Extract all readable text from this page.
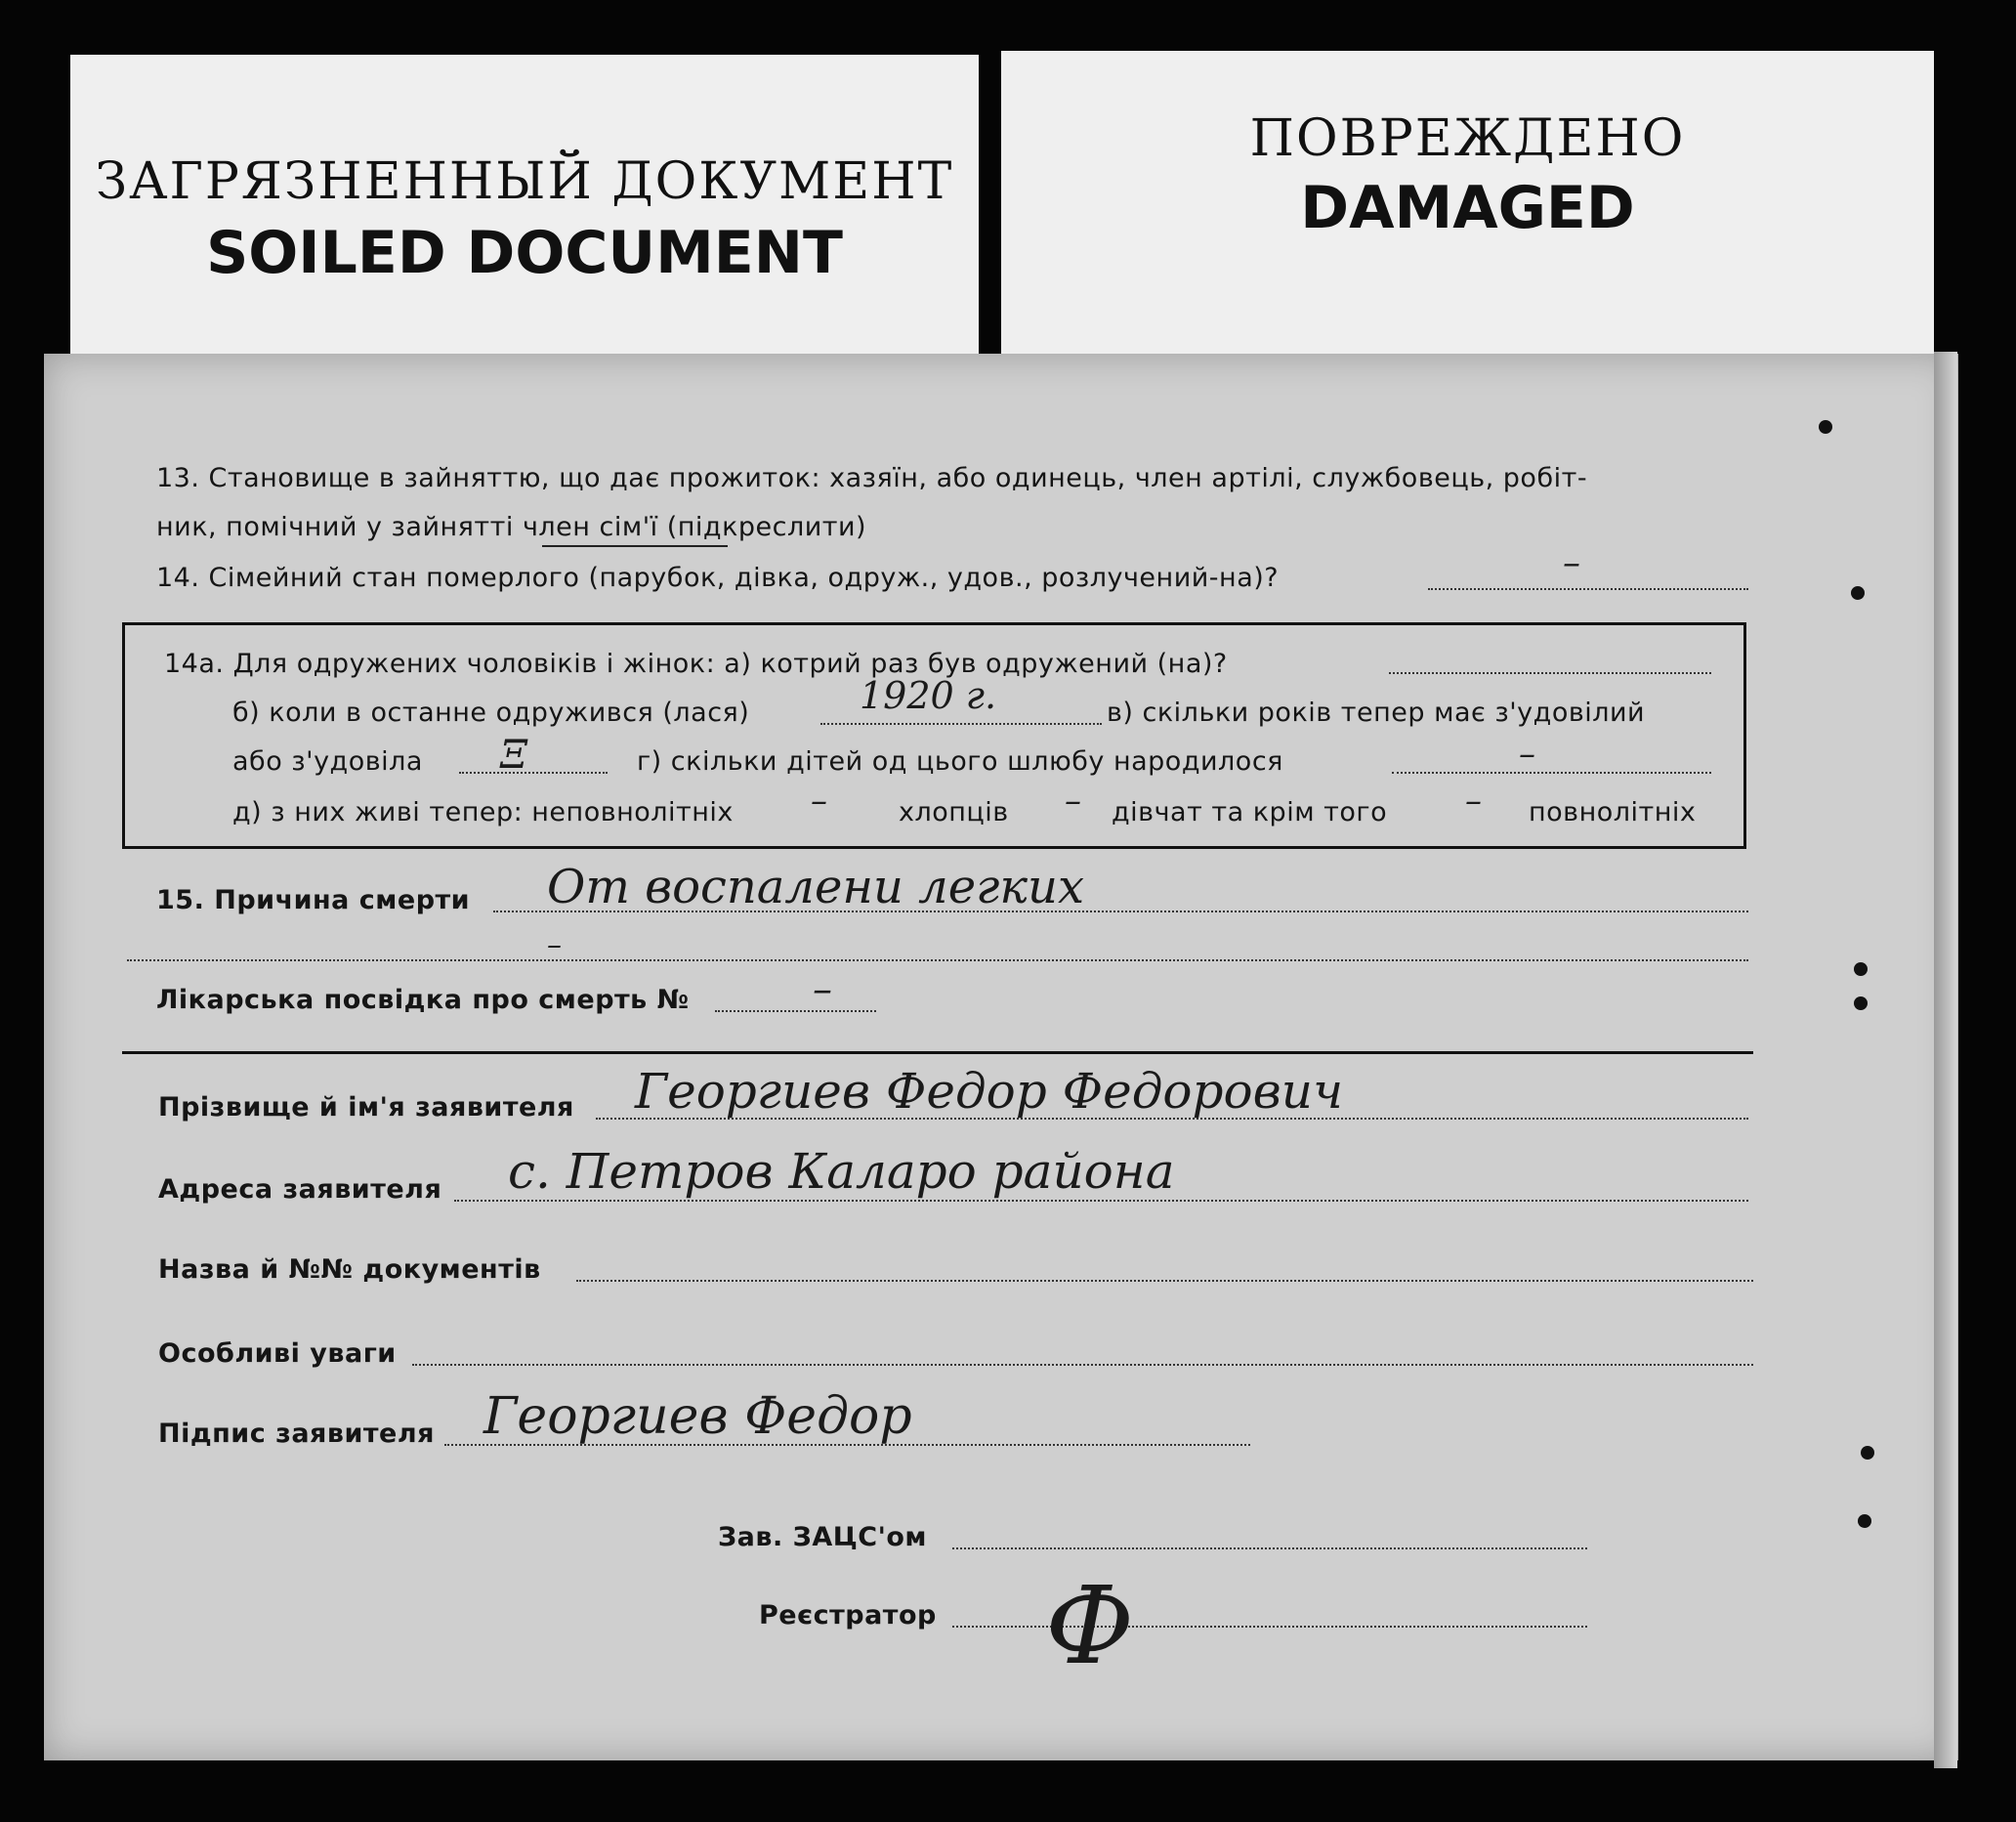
ЗАГРЯЗНЕННЫЙ ДОКУМЕНТ
SOILED DOCUMENT
ПОВРЕЖДЕНО
DAMAGED
13. Становище в зайняттю, що дає прожиток: хазяїн, або одинець, член артілі, службовець, робіт-
ник, помічний у зайнятті член сім'ї (підкреслити)
14. Сімейний стан померлого (парубок, дівка, одруж., удов., розлучений-на)?	–
14а. Для одружених чоловіків і жінок: а) котрий раз був одружений (на)?
б) коли в останне одружився (лася)	1920 г.	в) скільки років тепер має з'удовілий
або з'удовіла Ξ	г) скільки дітей од цього шлюбу народилося	–
д) з них живі тепер: неповнолітніх –	хлопців – дівчат та крім того – повнолітніх
15. Причина смерти От воспалени легких
–
Лікарська посвідка про смерть №	–
Прізвище й ім'я заявителя Георгиев Федор Федорович
Адреса заявителя с. Петров Каларо района
Назва й №№ документів
Особливі уваги
Підпис заявителя Георгиев Федор
Зав. ЗАЦС'ом
Реєстратор Ф
